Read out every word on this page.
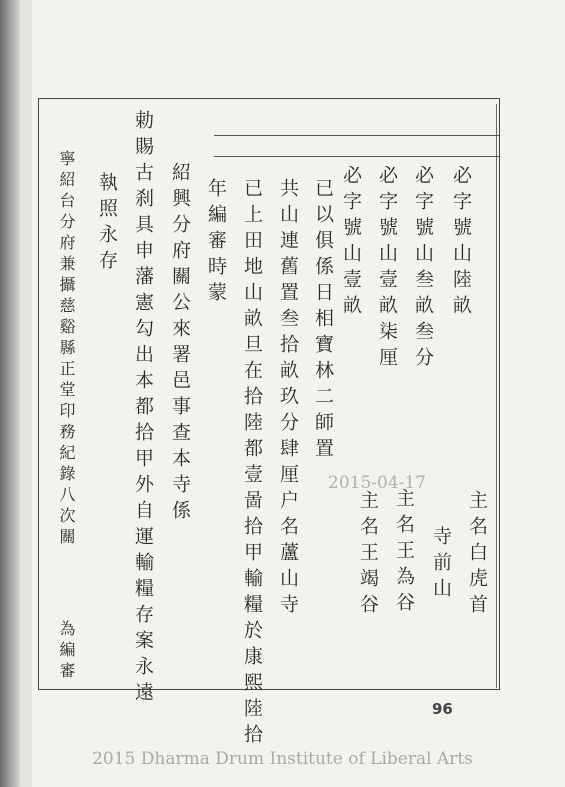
必字號山陸畝
必字號山叁畝叁分
必字號山壹畝柒厘
必字號山壹畝
主名白虎首
寺前山
主名王為谷
主名王竭谷
已以俱係日相寶林二師置
共山連舊置叁拾畝玖分肆厘户名蘆山寺
已上田地山畝旦在拾陸都壹啚拾甲輸糧於康熙陸拾
年編審時蒙
紹興分府關公來署邑事查本寺係
勅賜古刹具申藩憲勾出本都拾甲外自運輸糧存案永遠
執照永存
寧紹台分府兼攝慈谿縣正堂印務紀錄八次關
為編審
2015-04-17
96
2015 Dharma Drum Institute of Liberal Arts
